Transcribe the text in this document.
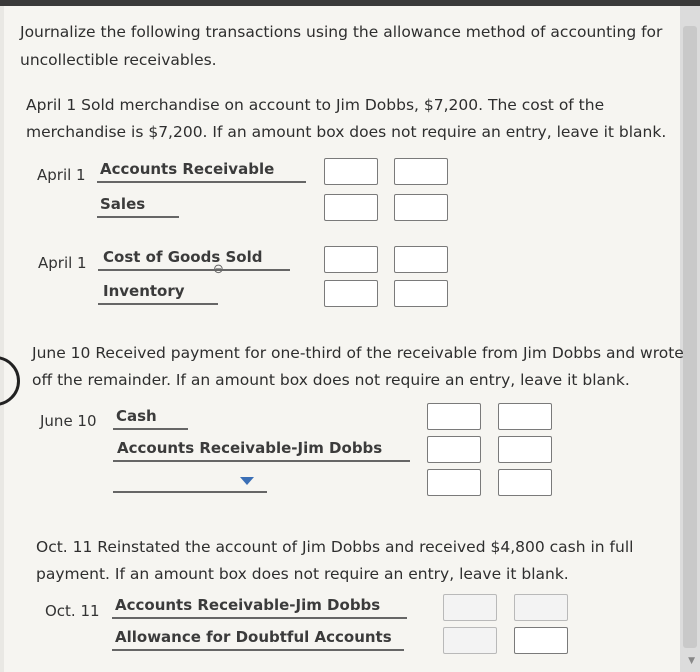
▼
Journalize the following transactions using the allowance method of accounting for
uncollectible receivables.
April 1 Sold merchandise on account to Jim Dobbs, $7,200. The cost of the
merchandise is $7,200. If an amount box does not require an entry, leave it blank.
April 1 Accounts Receivable
Sales
April 1 Cost of Goods Sold
⊖
Inventory
June 10 Received payment for one-third of the receivable from Jim Dobbs and wrote
off the remainder. If an amount box does not require an entry, leave it blank.
June 10 Cash
Accounts Receivable-Jim Dobbs
Oct. 11 Reinstated the account of Jim Dobbs and received $4,800 cash in full
payment. If an amount box does not require an entry, leave it blank.
Oct. 11 Accounts Receivable-Jim Dobbs
Allowance for Doubtful Accounts
